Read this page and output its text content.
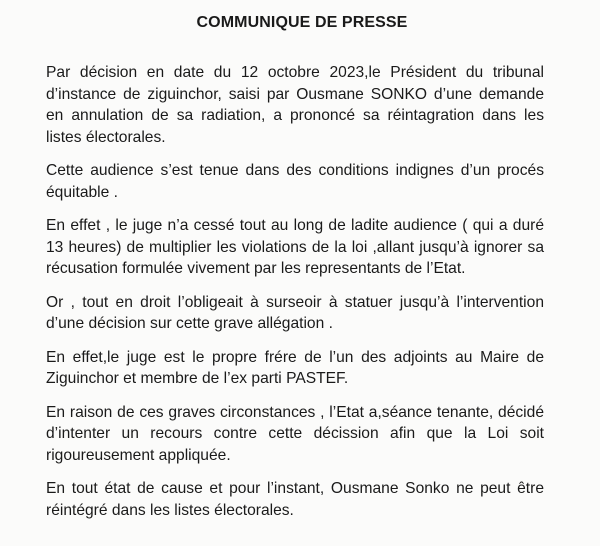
COMMUNIQUE DE PRESSE

Par décision en date du 12 octobre 2023,le Président du tribunal d’instance de ziguinchor, saisi par Ousmane SONKO d’une demande en annulation de sa radiation, a prononcé sa réintagration dans les listes électorales.

Cette audience s’est tenue dans des conditions indignes d’un procés équitable .

En effet , le juge n’a cessé tout au long de ladite audience ( qui a duré 13 heures) de multiplier les violations de la loi ,allant jusqu’à ignorer sa récusation formulée vivement par les representants de l’Etat.

Or , tout en droit l’obligeait à surseoir à statuer jusqu’à l’intervention d’une décision sur cette grave allégation .

En effet,le juge est le propre frére de l’un des adjoints au Maire de Ziguinchor et membre de l’ex parti PASTEF.

En raison de ces graves circonstances , l’Etat a,séance tenante, décidé d’intenter un recours contre cette décission afin que la Loi soit rigoureusement appliquée.

En tout état de cause et pour l’instant, Ousmane Sonko ne peut être réintégré dans les listes électorales.
